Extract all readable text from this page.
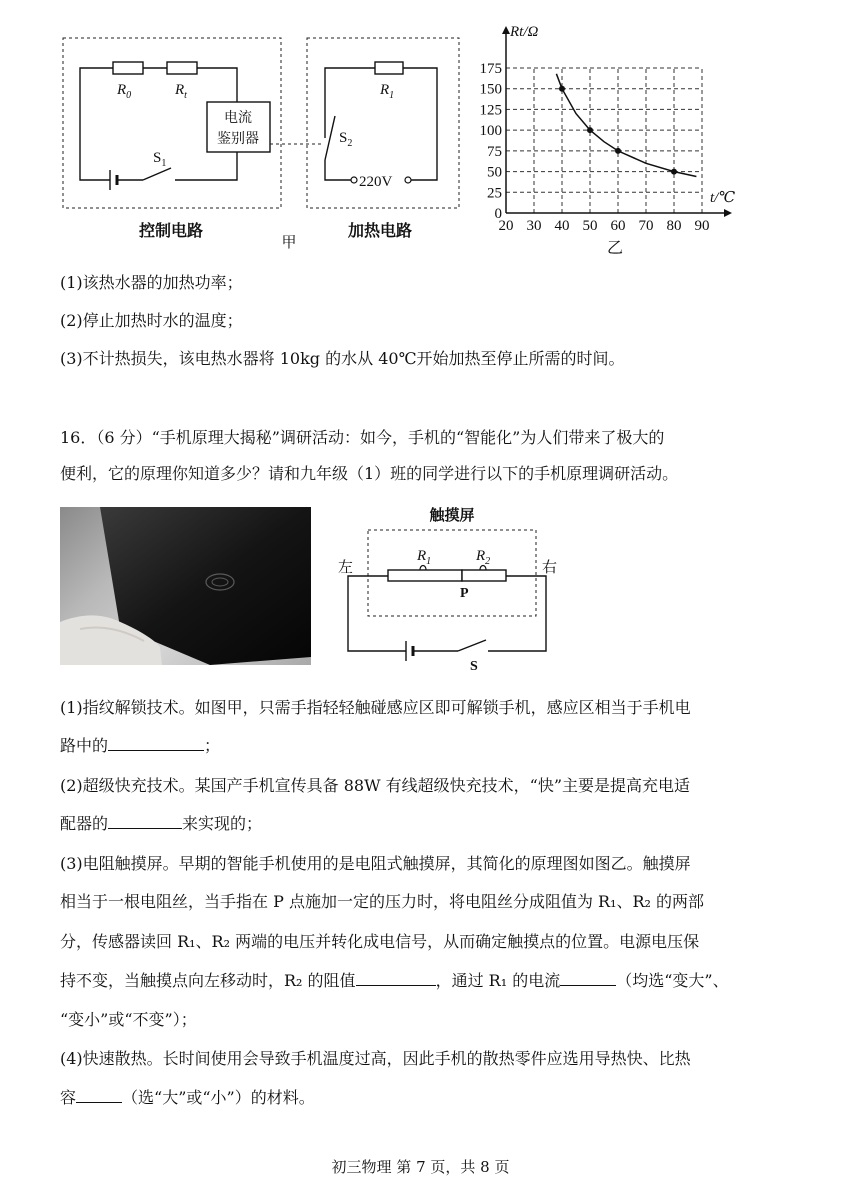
$R_0$	$R_t$
电流
鉴别器
$S_1$
$R_1$
$S_2$
220V
控制电路
甲
加热电路	20 30 40 50 60 70 80 90
0
25
50
75
100
125
150
175
Rt/Ω
t/℃
乙
(1)该热水器的加热功率；
(2)停止加热时水的温度；
(3)不计热损失，该电热水器将 10kg 的水从 40℃开始加热至停止所需的时间。
16．（6 分）“手机原理大揭秘”调研活动：如今，手机的“智能化”为人们带来了极大的
便利，它的原理你知道多少？请和九年级（1）班的同学进行以下的手机原理调研活动。
触摸屏
左	右
$R_1$	$R_2$
P
S
(1)指纹解锁技术。如图甲，只需手指轻轻触碰感应区即可解锁手机，感应区相当于手机电
路中的	；
(2)超级快充技术。某国产手机宣传具备 88W 有线超级快充技术，“快”主要是提高充电适
配器的	来实现的；
(3)电阻触摸屏。早期的智能手机使用的是电阻式触摸屏，其简化的原理图如图乙。触摸屏
相当于一根电阻丝，当手指在 P 点施加一定的压力时，将电阻丝分成阻值为 R₁、R₂ 的两部
分，传感器读回 R₁、R₂ 两端的电压并转化成电信号，从而确定触摸点的位置。电源电压保
持不变，当触摸点向左移动时，R₂ 的阻值	，通过 R₁ 的电流	（均选“变大”、
“变小”或“不变”）；
(4)快速散热。长时间使用会导致手机温度过高，因此手机的散热零件应选用导热快、比热
容	（选“大”或“小”）的材料。
初三物理 第 7 页，共 8 页
